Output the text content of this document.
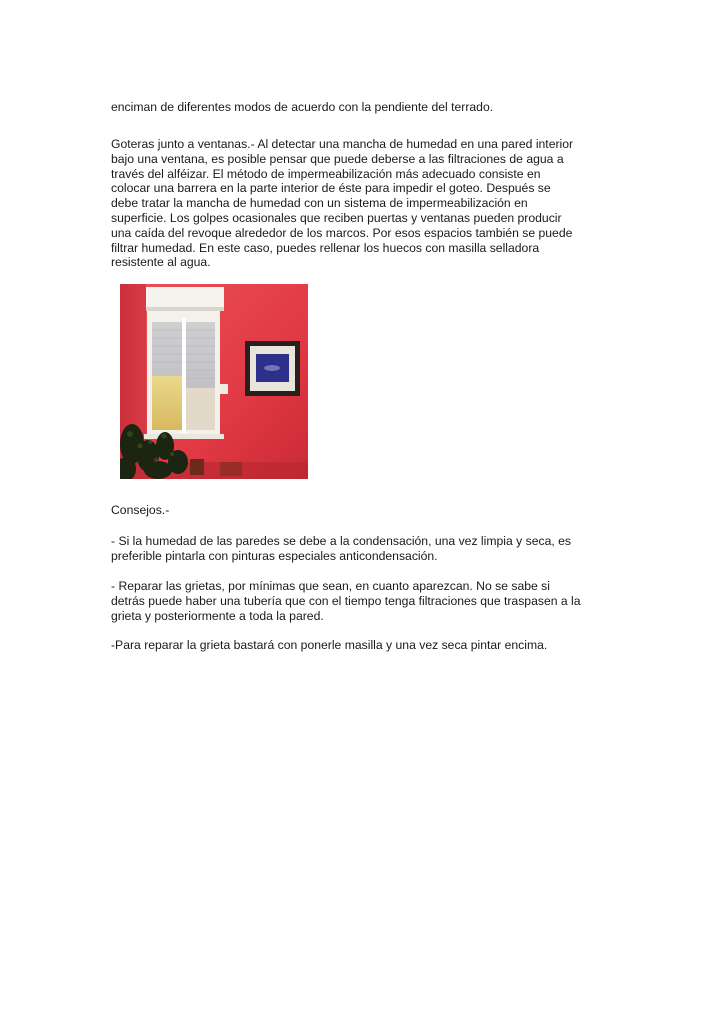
enciman de diferentes modos de acuerdo con la pendiente del terrado.

Goteras junto a ventanas.- Al detectar una mancha de humedad en una pared interior bajo una ventana, es posible pensar que puede deberse a las filtraciones de agua a través del alféizar. El método de impermeabilización más adecuado consiste en colocar una barrera en la parte interior de éste para impedir el goteo. Después se debe tratar la mancha de humedad con un sistema de impermeabilización en superficie. Los golpes ocasionales que reciben puertas y ventanas pueden producir una caída del revoque alrededor de los marcos. Por esos espacios también se puede filtrar humedad. En este caso, puedes rellenar los huecos con masilla selladora resistente al agua.

Consejos.-

- Si la humedad de las paredes se debe a la condensación, una vez limpia y seca, es preferible pintarla con pinturas especiales anticondensación.

- Reparar las grietas, por mínimas que sean, en cuanto aparezcan. No se sabe si detrás puede haber una tubería que con el tiempo tenga filtraciones que traspasen a la grieta y posteriormente a toda la pared.

-Para reparar la grieta bastará con ponerle masilla y una vez seca pintar encima.
